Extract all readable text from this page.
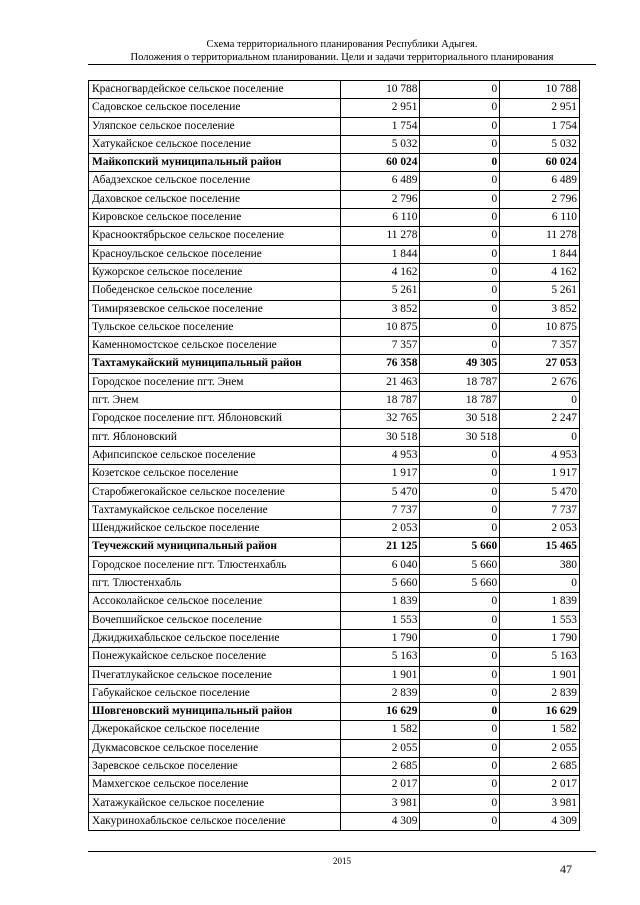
Схема территориального планирования Республики Адыгея.
Положения о территориальном планировании. Цели и задачи территориального планирования
Красногвардейское сельское поселение	10 788	0	10 788
Садовское сельское поселение	2 951	0	2 951
Уляпское сельское поселение	1 754	0	1 754
Хатукайское сельское поселение	5 032	0	5 032
Майкопский муниципальный район	60 024	0	60 024
Абадзехское сельское поселение	6 489	0	6 489
Даховское сельское поселение	2 796	0	2 796
Кировское сельское поселение	6 110	0	6 110
Краснооктябрьское сельское поселение	11 278	0	11 278
Красноульское сельское поселение	1 844	0	1 844
Кужорское сельское поселение	4 162	0	4 162
Победенское сельское поселение	5 261	0	5 261
Тимирязевское сельское поселение	3 852	0	3 852
Тульское сельское поселение	10 875	0	10 875
Каменномостское сельское поселение	7 357	0	7 357
Тахтамукайский муниципальный район	76 358	49 305	27 053
Городское поселение пгт. Энем	21 463	18 787	2 676
пгт. Энем	18 787	18 787	0
Городское поселение пгт. Яблоновский	32 765	30 518	2 247
пгт. Яблоновский	30 518	30 518	0
Афипсипское сельское поселение	4 953	0	4 953
Козетское сельское поселение	1 917	0	1 917
Старобжегокайское сельское поселение	5 470	0	5 470
Тахтамукайское сельское поселение	7 737	0	7 737
Шенджийское сельское поселение	2 053	0	2 053
Теучежский муниципальный район	21 125	5 660	15 465
Городское поселение пгт. Тлюстенхабль	6 040	5 660	380
пгт. Тлюстенхабль	5 660	5 660	0
Ассоколайское сельское поселение	1 839	0	1 839
Вочепшийское сельское поселение	1 553	0	1 553
Джиджихабльское сельское поселение	1 790	0	1 790
Понежукайское сельское поселение	5 163	0	5 163
Пчегатлукайское сельское поселение	1 901	0	1 901
Габукайское сельское поселение	2 839	0	2 839
Шовгеновский муниципальный район	16 629	0	16 629
Джерокайское сельское поселение	1 582	0	1 582
Дукмасовское сельское поселение	2 055	0	2 055
Заревское сельское поселение	2 685	0	2 685
Мамхегское сельское поселение	2 017	0	2 017
Хатажукайское сельское поселение	3 981	0	3 981
Хакуринохабльское сельское поселение	4 309	0	4 309
2015
47
